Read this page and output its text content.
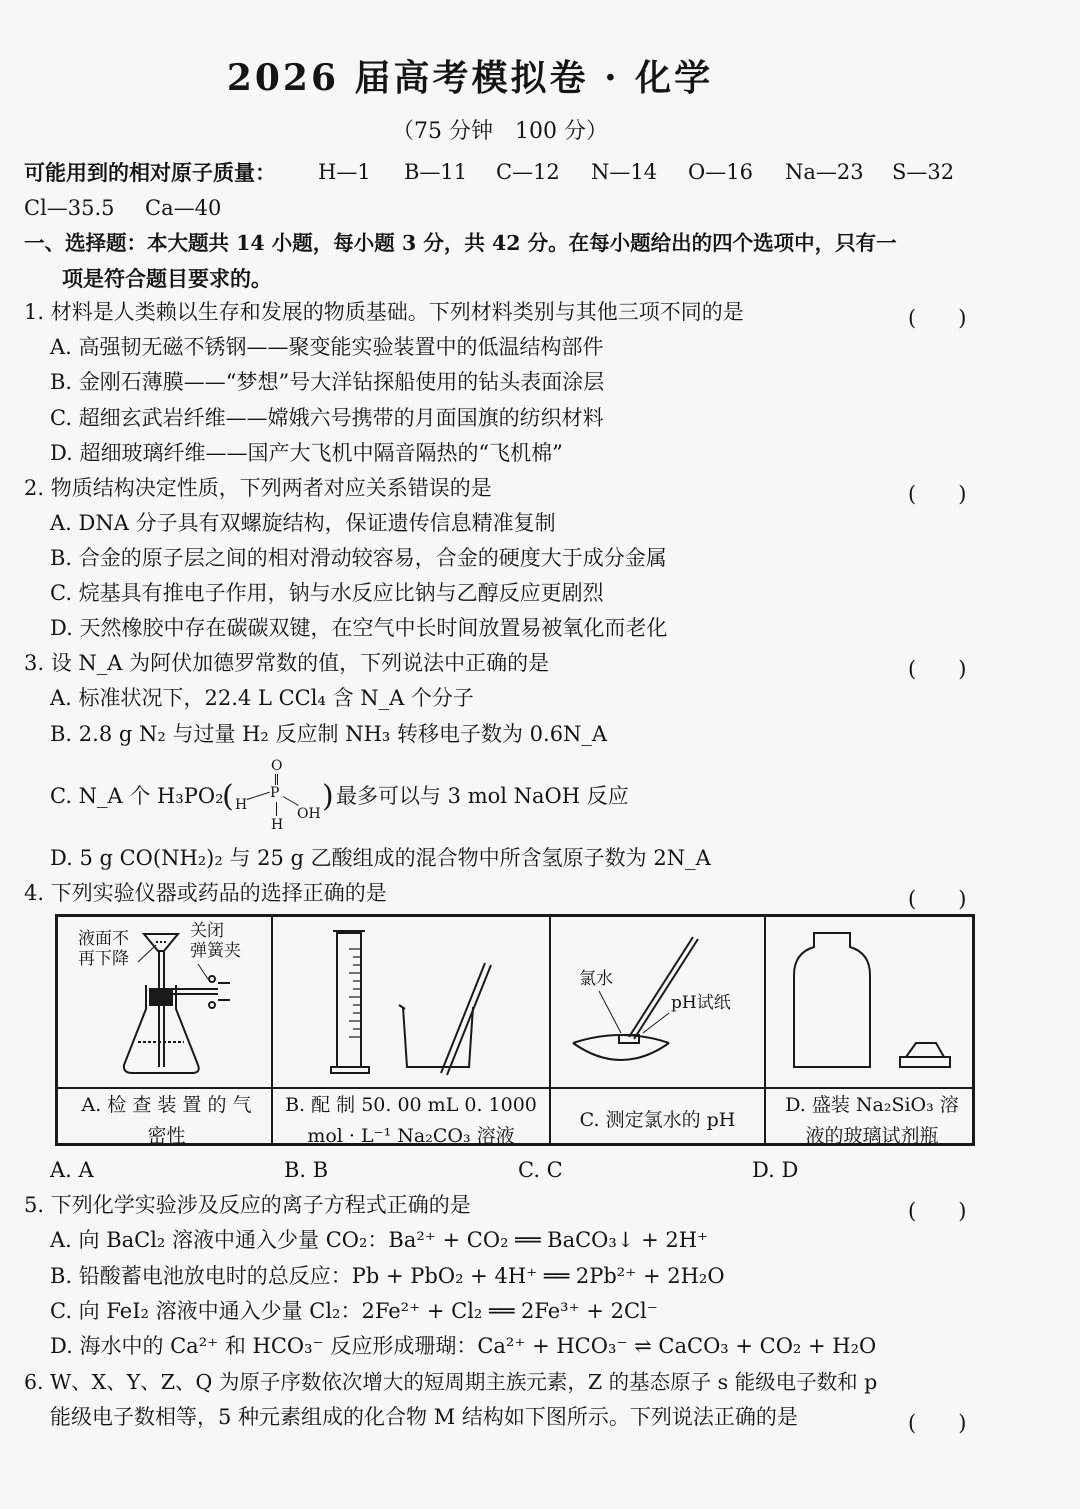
2026 届高考模拟卷 · 化学
（75 分钟　100 分）
可能用到的相对原子质量： H—1 B—11 C—12 N—14 O—16 Na—23 S—32
Cl—35.5 Ca—40
一、选择题：本大题共 14 小题，每小题 3 分，共 42 分。在每小题给出的四个选项中，只有一
项是符合题目要求的。
1. 材料是人类赖以生存和发展的物质基础。下列材料类别与其他三项不同的是	(　　)
A. 高强韧无磁不锈钢——聚变能实验装置中的低温结构部件
B. 金刚石薄膜——“梦想”号大洋钻探船使用的钻头表面涂层
C. 超细玄武岩纤维——嫦娥六号携带的月面国旗的纺织材料
D. 超细玻璃纤维——国产大飞机中隔音隔热的“飞机棉”
2. 物质结构决定性质，下列两者对应关系错误的是	(　　)
A. DNA 分子具有双螺旋结构，保证遗传信息精准复制
B. 合金的原子层之间的相对滑动较容易，合金的硬度大于成分金属
C. 烷基具有推电子作用，钠与水反应比钠与乙醇反应更剧烈
D. 天然橡胶中存在碳碳双键，在空气中长时间放置易被氧化而老化
3. 设 N_A 为阿伏加德罗常数的值，下列说法中正确的是	(　　)
A. 标准状况下，22.4 L CCl₄ 含 N_A 个分子
B. 2.8 g N₂ 与过量 H₂ 反应制 NH₃ 转移电子数为 0.6N_A
C. N_A 个 H₃PO₂
(	)
O
H
P
OH
H
最多可以与 3 mol NaOH 反应
D. 5 g CO(NH₂)₂ 与 25 g 乙酸组成的混合物中所含氢原子数为 2N_A
4. 下列实验仪器或药品的选择正确的是	(　　)
液面不
再下降
关闭
弹簧夹
氯水
pH试纸
A. 检 查 装 置 的 气
密性
B. 配 制 50. 00 mL 0. 1000
mol · L⁻¹ Na₂CO₃ 溶液
C. 测定氯水的 pH
D. 盛装 Na₂SiO₃ 溶
液的玻璃试剂瓶
A. A	B. B	C. C	D. D
5. 下列化学实验涉及反应的离子方程式正确的是	(　　)
A. 向 BaCl₂ 溶液中通入少量 CO₂：Ba²⁺ + CO₂ ══ BaCO₃↓ + 2H⁺
B. 铅酸蓄电池放电时的总反应：Pb + PbO₂ + 4H⁺ ══ 2Pb²⁺ + 2H₂O
C. 向 FeI₂ 溶液中通入少量 Cl₂：2Fe²⁺ + Cl₂ ══ 2Fe³⁺ + 2Cl⁻
D. 海水中的 Ca²⁺ 和 HCO₃⁻ 反应形成珊瑚：Ca²⁺ + HCO₃⁻ ⇌ CaCO₃ + CO₂ + H₂O
6. W、X、Y、Z、Q 为原子序数依次增大的短周期主族元素，Z 的基态原子 s 能级电子数和 p
能级电子数相等，5 种元素组成的化合物 M 结构如下图所示。下列说法正确的是	(　　)
